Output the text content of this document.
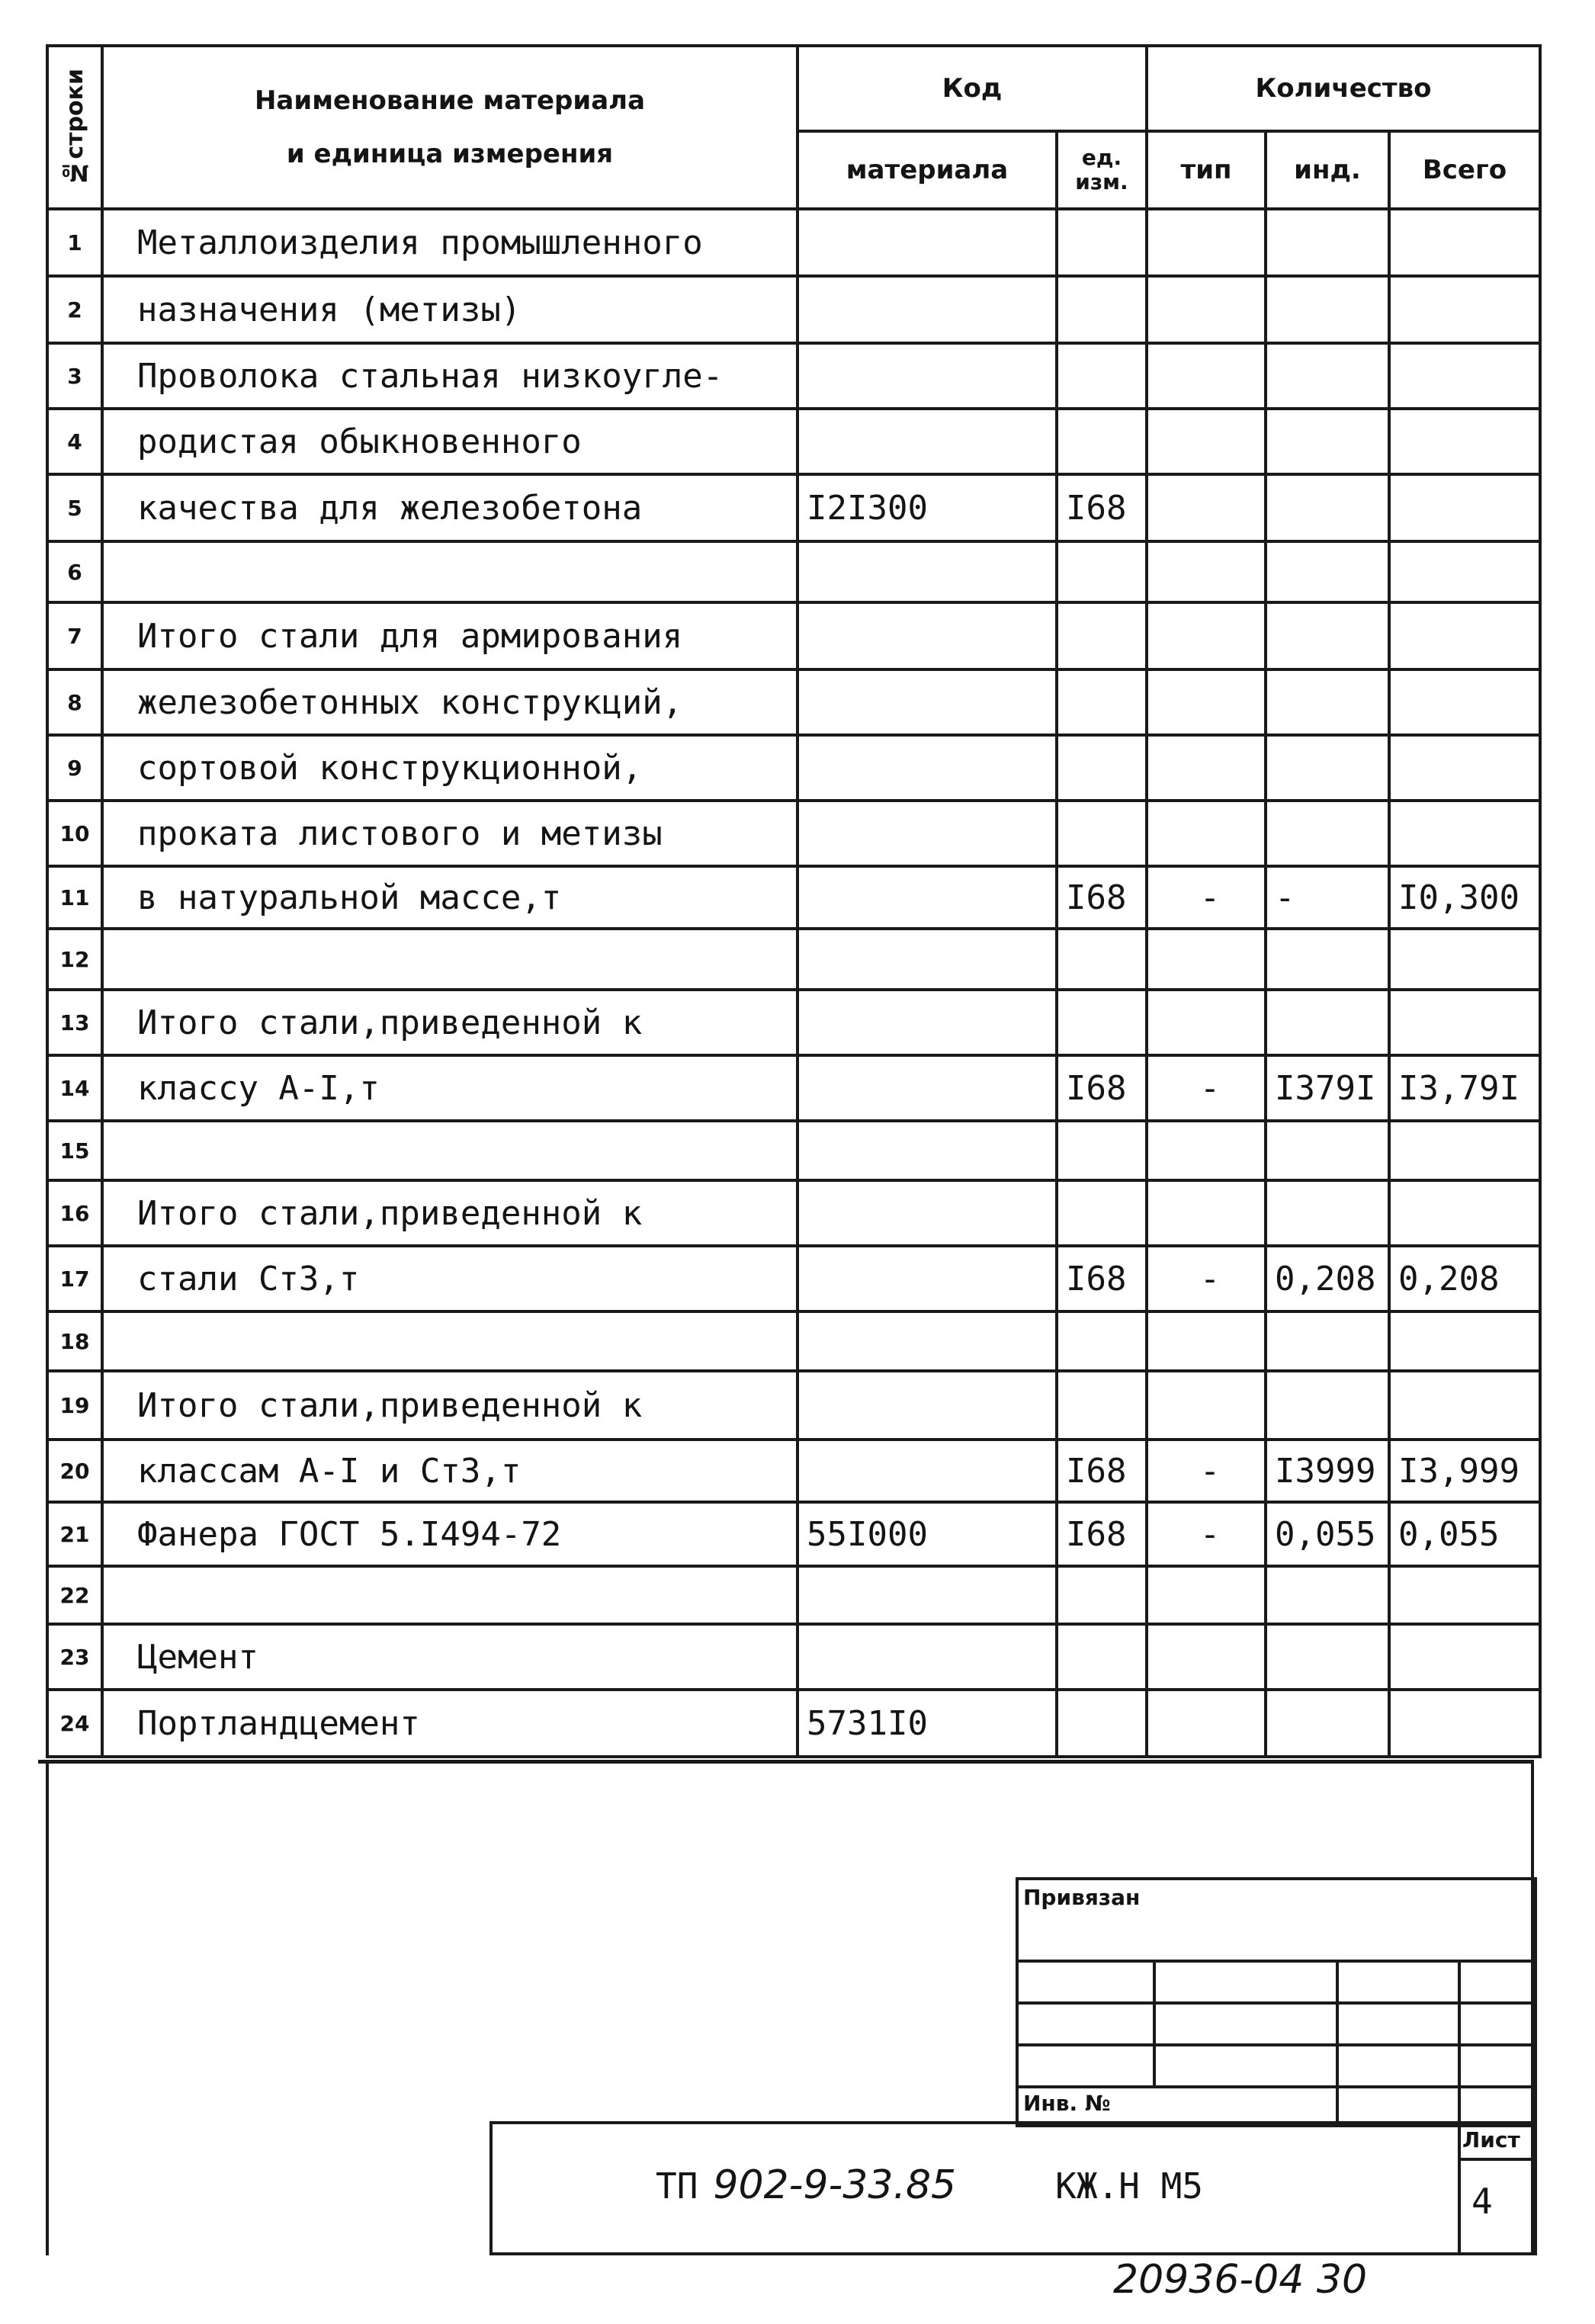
№строки	Наименование материала
и единица измерения	Код		Количество		
		материала	ед. изм.	тип	инд.	Всего
1	Металлоизделия промышленного					
2	назначения (метизы)					
3	Проволока стальная низкоугле-					
4	родистая обыкновенного					
5	качества для железобетона	I2I300	I68			
6						
7	Итого стали для армирования					
8	железобетонных конструкций,					
9	сортовой конструкционной,					
10	проката листового и метизы					
11	в натуральной массе,т		I68	-	-	I0,300
12						
13	Итого стали,приведенной к					
14	классу А-I,т		I68	-	I379I	I3,79I
15						
16	Итого стали,приведенной к					
17	стали Ст3,т		I68	-	0,208	0,208
18						
19	Итого стали,приведенной к					
20	классам А-I и Ст3,т		I68	-	I3999	I3,999
21	Фанера ГОСТ 5.I494-72	55I000	I68	-	0,055	0,055
22						
23	Цемент					
24	Портландцемент	5731I0				
Привязан
Инв. №
Лист
4
ТП 902-9-33.85	КЖ.Н М5
20936-04 30
